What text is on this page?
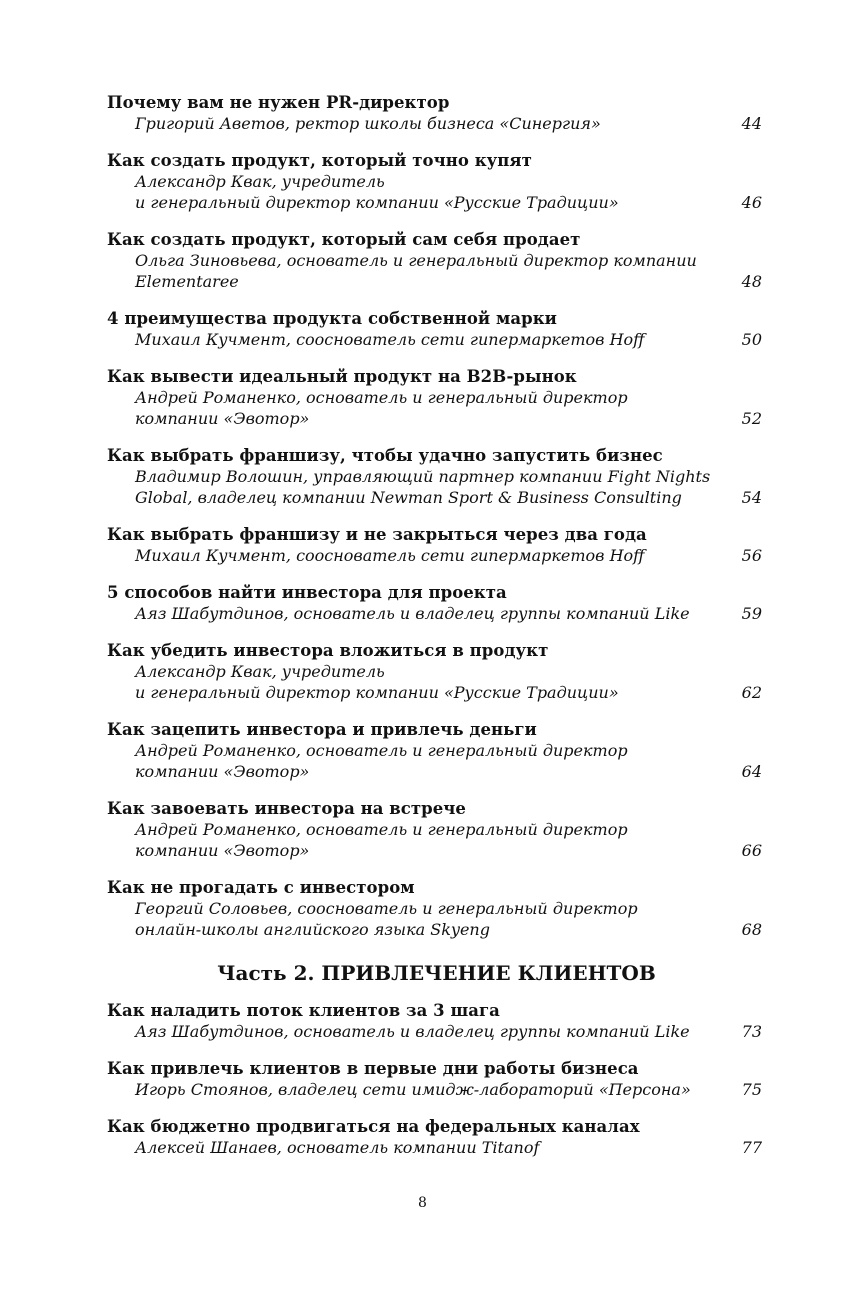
Почему вам не нужен PR-директор
Григорий Аветов, ректор школы бизнеса «Синергия»	44
Как создать продукт, который точно купят
Александр Квак, учредитель
и генеральный директор компании «Русские Традиции»	46
Как создать продукт, который сам себя продает
Ольга Зиновьева, основатель и генеральный директор компании
Elementaree	48
4 преимущества продукта собственной марки
Михаил Кучмент, сооснователь сети гипермаркетов Hoff	50
Как вывести идеальный продукт на B2B-рынок
Андрей Романенко, основатель и генеральный директор
компании «Эвотор»	52
Как выбрать франшизу, чтобы удачно запустить бизнес
Владимир Волошин, управляющий партнер компании Fight Nights
Global, владелец компании Newman Sport & Business Consulting	54
Как выбрать франшизу и не закрыться через два года
Михаил Кучмент, сооснователь сети гипермаркетов Hoff	56
5 способов найти инвестора для проекта
Аяз Шабутдинов, основатель и владелец группы компаний Like	59
Как убедить инвестора вложиться в продукт
Александр Квак, учредитель
и генеральный директор компании «Русские Традиции»	62
Как зацепить инвестора и привлечь деньги
Андрей Романенко, основатель и генеральный директор
компании «Эвотор»	64
Как завоевать инвестора на встрече
Андрей Романенко, основатель и генеральный директор
компании «Эвотор»	66
Как не прогадать с инвестором
Георгий Соловьев, сооснователь и генеральный директор
онлайн-школы английского языка Skyeng	68
Часть 2. ПРИВЛЕЧЕНИЕ КЛИЕНТОВ
Как наладить поток клиентов за 3 шага
Аяз Шабутдинов, основатель и владелец группы компаний Like	73
Как привлечь клиентов в первые дни работы бизнеса
Игорь Стоянов, владелец сети имидж-лабораторий «Персона»	75
Как бюджетно продвигаться на федеральных каналах
Алексей Шанаев, основатель компании Titanof	77
8
